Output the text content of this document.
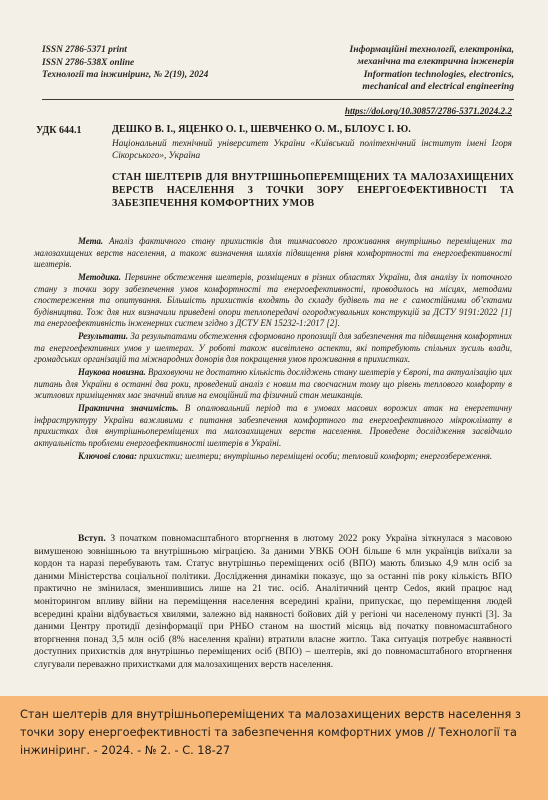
ISSN 2786-5371 print
ISSN 2786-538X online
Технології та інжиніринг, № 2(19), 2024
Інформаційні технології, електроніка,
механічна та електрична інженерія
Information technologies, electronics,
mechanical and electrical engineering
https://doi.org/10.30857/2786-5371.2024.2.2
УДК 644.1	ДЕШКО В. І., ЯЦЕНКО О. І., ШЕВЧЕНКО О. М., БІЛОУС І. Ю.
Національний технічний університет України «Київський політехнічний інститут імені Ігоря Сікорського», Україна
СТАН ШЕЛТЕРІВ ДЛЯ ВНУТРІШНЬОПЕРЕМІЩЕНИХ ТА МАЛОЗАХИЩЕНИХ ВЕРСТВ НАСЕЛЕННЯ З ТОЧКИ ЗОРУ ЕНЕРГОЕФЕКТИВНОСТІ ТА ЗАБЕЗПЕЧЕННЯ КОМФОРТНИХ УМОВ

Мета. Аналіз фактичного стану прихистків для тимчасового проживання внутрішньо переміщених та малозахищених верств населення, а також визначення шляхів підвищення рівня комфортності та енергоефективності шелтерів.

Методика. Первинне обстеження шелтерів, розміщених в різних областях України, для аналізу їх поточного стану з точки зору забезпечення умов комфортності та енергоефективності, проводилось на місцях, методами спостереження та опитування. Більшість прихистків входять до складу будівель та не є самостійними об’єктами будівництва. Тож для них визначили приведені опори теплопередачі огороджувальних конструкцій за ДСТУ 9191:2022 [1] та енергоефективність інженерних систем згідно з ДСТУ EN 15232-1:2017 [2].

Результати. За результатами обстеження сформовано пропозиції для забезпечення та підвищення комфортних та енергоефективних умов у шелтерах. У роботі також висвітлено аспекти, які потребують спільних зусиль влади, громадських організацій та міжнародних донорів для покращення умов проживання в прихистках.

Наукова новизна. Враховуючи не достатню кількість досліджень стану шелтерів у Європі, та актуалізацію цих питань для України в останні два роки, проведений аналіз є новим та своєчасним тому що рівень теплового комфорту в житлових приміщеннях має значний вплив на емоційний та фізичний стан мешканців.

Практична значимість. В опалювальний період та в умовах масових ворожих атак на енергетичну інфраструктуру України важливими є питання забезпечення комфортного та енергоефективного мікроклімату в прихистках для внутрішньопереміщених та малозахищених верств населення. Проведене дослідження засвідчило актуальність проблеми енергоефективності шелтерів в Україні.

Ключові слова: прихистки; шелтери; внутрішньо переміщені особи; тепловий комфорт; енергозбереження.

Вступ. З початком повномасштабного вторгнення в лютому 2022 року Україна зіткнулася з масовою вимушеною зовнішньою та внутрішньою міграцією. За даними УВКБ ООН більше 6 млн українців виїхали за кордон та наразі перебувають там. Статус внутрішньо переміщених осіб (ВПО) мають близько 4,9 млн осіб за даними Міністерства соціальної політики. Дослідження динаміки показує, що за останні пів року кількість ВПО практично не змінилася, зменшившись лише на 21 тис. осіб. Аналітичний центр Cedos, який працює над моніторингом впливу війни на переміщення населення всередині країни, припускає, що переміщення людей всередині країни відбувається хвилями, залежно від наявності бойових дій у регіоні чи населеному пункті [3]. За даними Центру протидії дезінформації при РНБО станом на шостий місяць від початку повномасштабного вторгнення понад 3,5 млн осіб (8% населення країни) втратили власне житло. Така ситуація потребує наявності доступних прихистків для внутрішньо переміщених осіб (ВПО) – шелтерів, які до повномасштабного вторгнення слугували переважно прихистками для малозахищених верств населення.

Стан шелтерів для внутрішньопереміщених та малозахищених верств населення з точки зору енергоефективності та забезпечення комфортних умов // Технології та інжиніринг. - 2024. - № 2. - С. 18-27
